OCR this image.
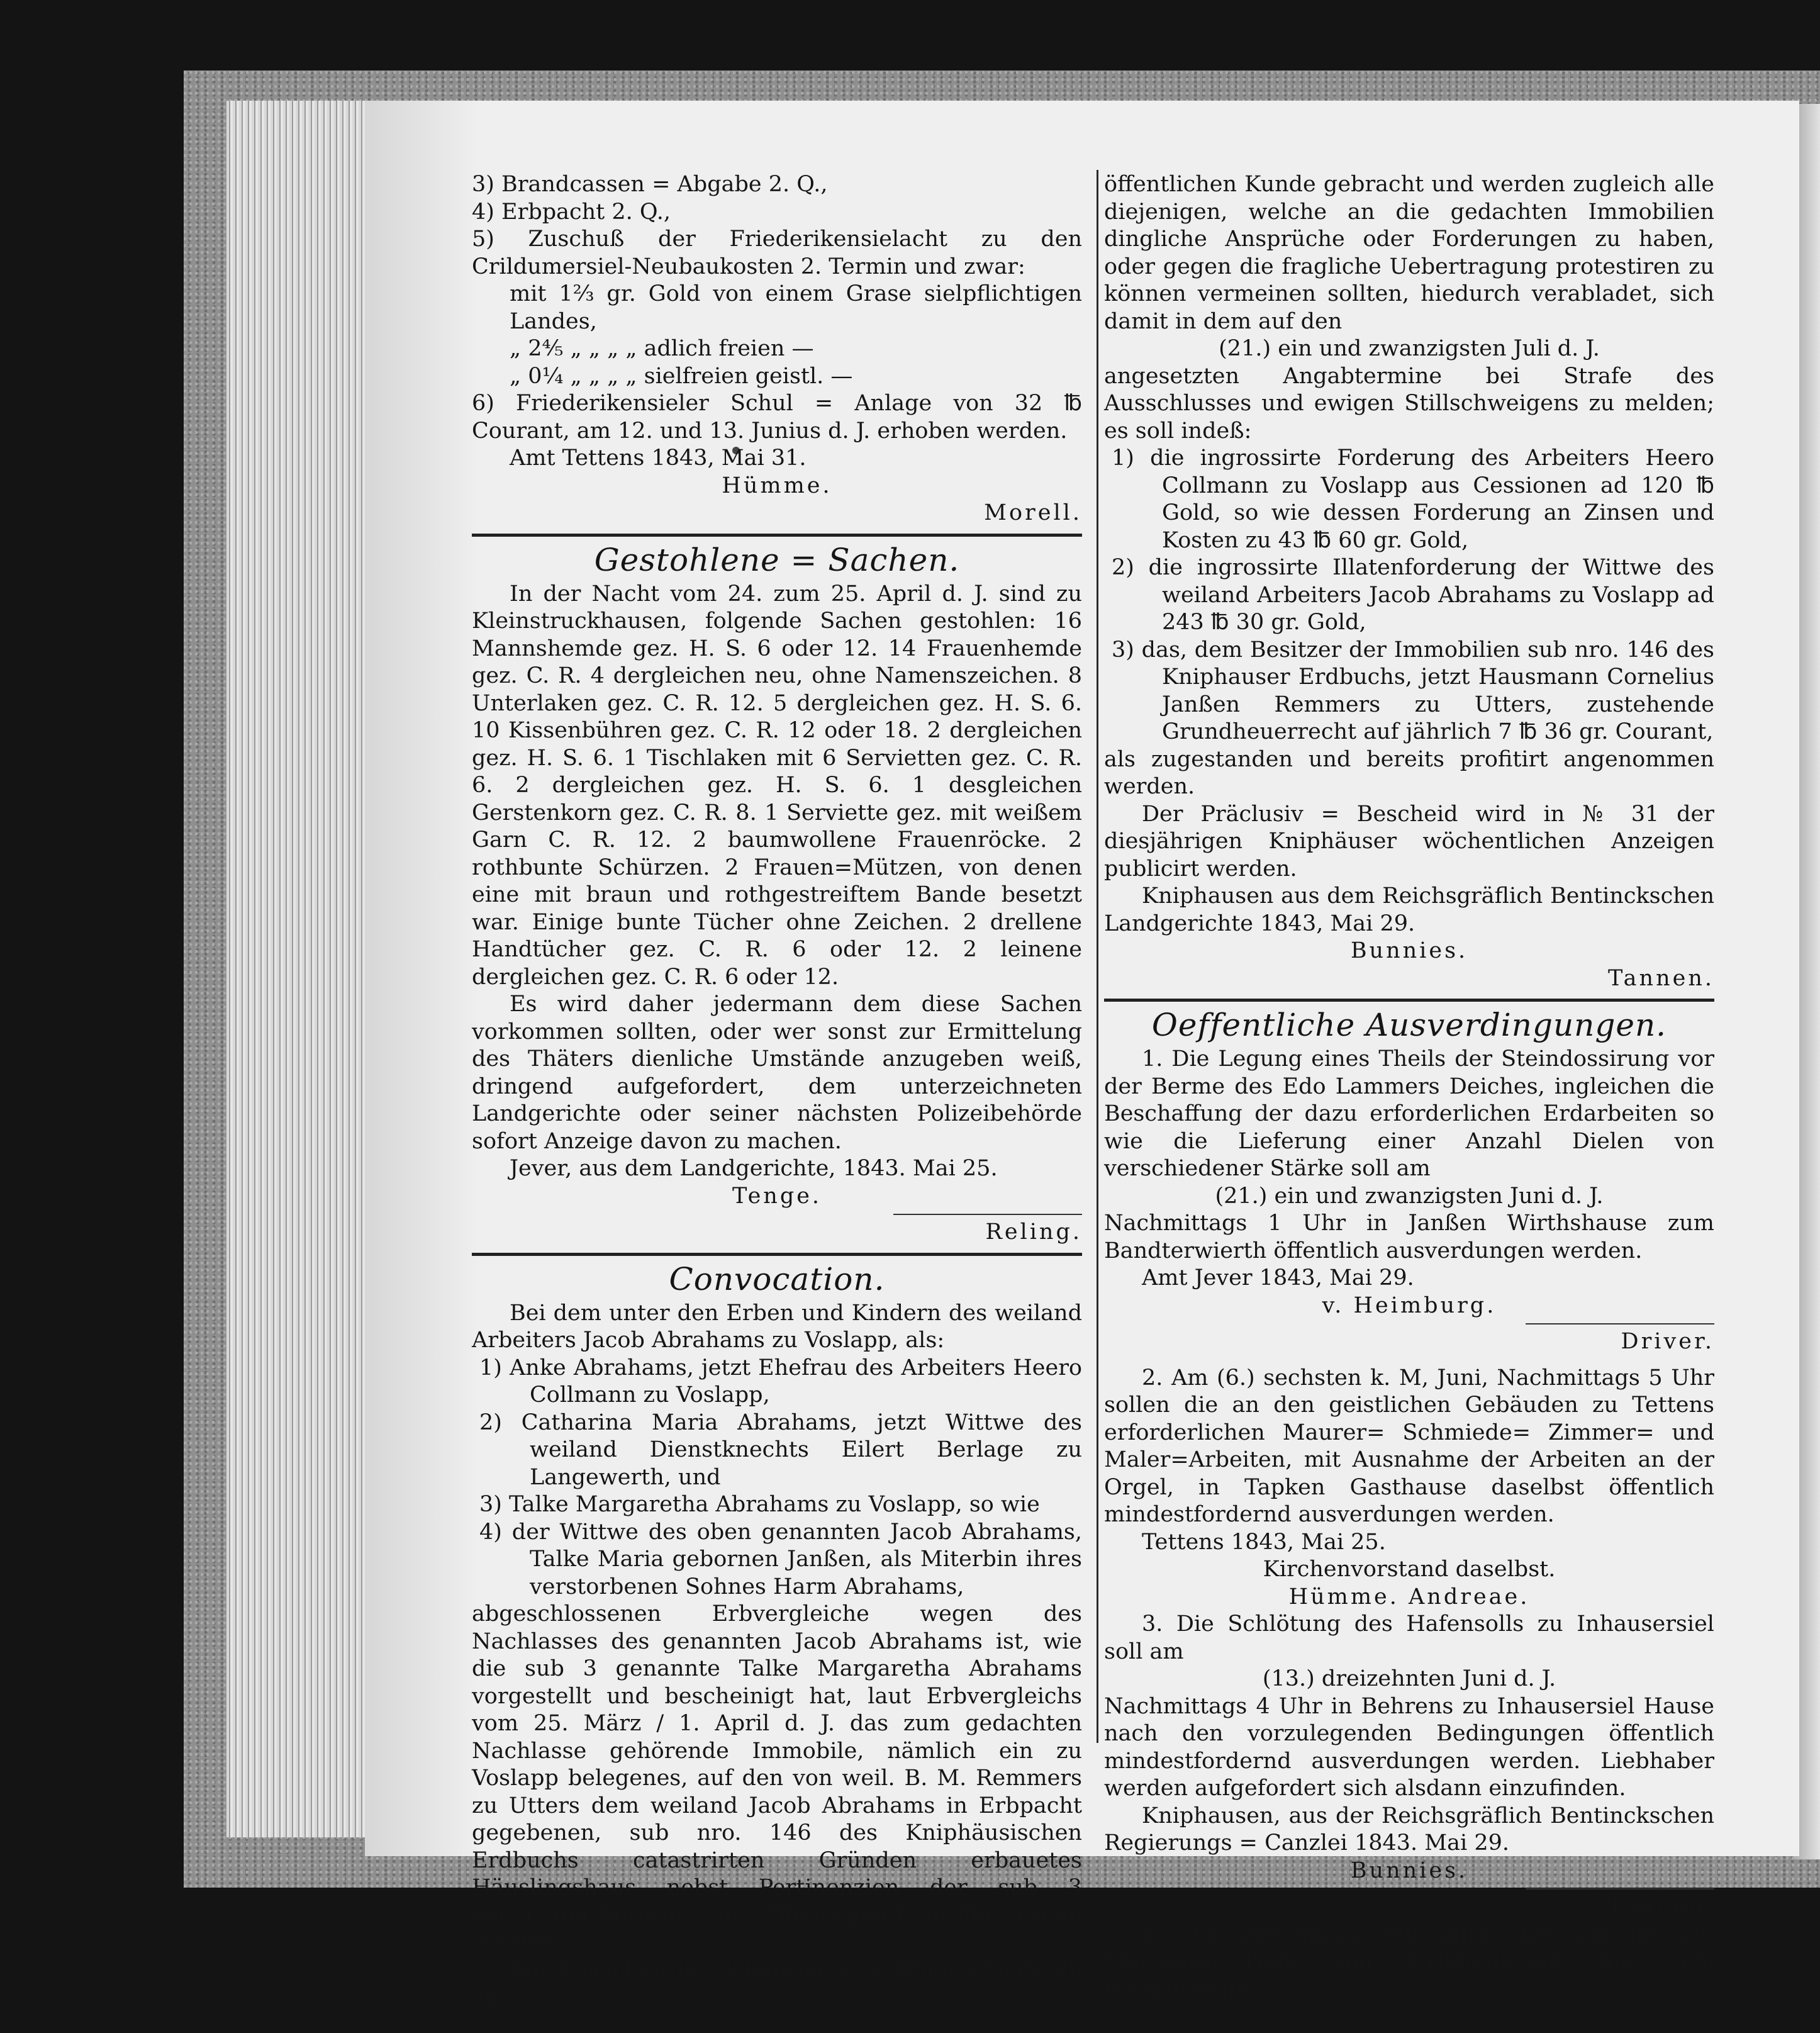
3) Brandcassen = Abgabe 2. Q.,

4) Erbpacht 2. Q.,

5) Zuschuß der Friederikensielacht zu den Crildumersiel-Neubaukosten 2. Termin und zwar:

mit 1⅔ gr. Gold von einem Grase sielpflichtigen Landes,

„ 2⅘ „ „ „ „ adlich freien —

„ 0¼ „ „ „ „ sielfreien geistl. —

6) Friederikensieler Schul = Anlage von 32 ℔ Courant, am 12. und 13. Junius d. J. erhoben werden.

Amt Tettens 1843, Mai 31.

Hümme.

Morell.

Gestohlene = Sachen.

In der Nacht vom 24. zum 25. April d. J. sind zu Kleinstruckhausen, folgende Sachen gestohlen: 16 Mannshemde gez. H. S. 6 oder 12. 14 Frauenhemde gez. C. R. 4 dergleichen neu, ohne Namenszeichen. 8 Unterlaken gez. C. R. 12. 5 dergleichen gez. H. S. 6. 10 Kissenbühren gez. C. R. 12 oder 18. 2 dergleichen gez. H. S. 6. 1 Tischlaken mit 6 Servietten gez. C. R. 6. 2 dergleichen gez. H. S. 6. 1 desgleichen Gerstenkorn gez. C. R. 8. 1 Serviette gez. mit weißem Garn C. R. 12. 2 baumwollene Frauenröcke. 2 rothbunte Schürzen. 2 Frauen=Mützen, von denen eine mit braun und rothgestreiftem Bande besetzt war. Einige bunte Tücher ohne Zeichen. 2 drellene Handtücher gez. C. R. 6 oder 12. 2 leinene dergleichen gez. C. R. 6 oder 12.

Es wird daher jedermann dem diese Sachen vorkommen sollten, oder wer sonst zur Ermittelung des Thäters dienliche Umstände anzugeben weiß, dringend aufgefordert, dem unterzeichneten Landgerichte oder seiner nächsten Polizeibehörde sofort Anzeige davon zu machen.

Jever, aus dem Landgerichte, 1843. Mai 25.

Tenge.

Reling.

Convocation.

Bei dem unter den Erben und Kindern des weiland Arbeiters Jacob Abrahams zu Voslapp, als:

1) Anke Abrahams, jetzt Ehefrau des Arbeiters Heero Collmann zu Voslapp,

2) Catharina Maria Abrahams, jetzt Wittwe des weiland Dienstknechts Eilert Berlage zu Langewerth, und

3) Talke Margaretha Abrahams zu Voslapp, so wie

4) der Wittwe des oben genannten Jacob Abrahams, Talke Maria gebornen Janßen, als Miterbin ihres verstorbenen Sohnes Harm Abrahams,

abgeschlossenen Erbvergleiche wegen des Nachlasses des genannten Jacob Abrahams ist, wie die sub 3 genannte Talke Margaretha Abrahams vorgestellt und bescheinigt hat, laut Erbvergleichs vom 25. März / 1. April d. J. das zum gedachten Nachlasse gehörende Immobile, nämlich ein zu Voslapp belegenes, auf den von weil. B. M. Remmers zu Utters dem weiland Jacob Abrahams in Erbpacht gegebenen, sub nro. 146 des Kniphäusischen Erdbuchs catastrirten Gründen erbauetes Häuslingshaus nebst Pertinenzien der sub 3 gedachten Miterbin zum Alleineigenthum übertragen worden.

Auf Ansuchen der letzteren wird Obiges hiedurch zur

öffentlichen Kunde gebracht und werden zugleich alle diejenigen, welche an die gedachten Immobilien dingliche Ansprüche oder Forderungen zu haben, oder gegen die fragliche Uebertragung protestiren zu können vermeinen sollten, hiedurch verabladet, sich damit in dem auf den

(21.) ein und zwanzigsten Juli d. J.

angesetzten Angabtermine bei Strafe des Ausschlusses und ewigen Stillschweigens zu melden; es soll indeß:

1) die ingrossirte Forderung des Arbeiters Heero Collmann zu Voslapp aus Cessionen ad 120 ℔ Gold, so wie dessen Forderung an Zinsen und Kosten zu 43 ℔ 60 gr. Gold,

2) die ingrossirte Illatenforderung der Wittwe des weiland Arbeiters Jacob Abrahams zu Voslapp ad 243 ℔ 30 gr. Gold,

3) das, dem Besitzer der Immobilien sub nro. 146 des Kniphauser Erdbuchs, jetzt Hausmann Cornelius Janßen Remmers zu Utters, zustehende Grundheuerrecht auf jährlich 7 ℔ 36 gr. Courant,

als zugestanden und bereits profitirt angenommen werden.

Der Präclusiv = Bescheid wird in № 31 der diesjährigen Kniphäuser wöchentlichen Anzeigen publicirt werden.

Kniphausen aus dem Reichsgräflich Bentinckschen Landgerichte 1843, Mai 29.

Bunnies.

Tannen.

Oeffentliche Ausverdingungen.

1. Die Legung eines Theils der Steindossirung vor der Berme des Edo Lammers Deiches, ingleichen die Beschaffung der dazu erforderlichen Erdarbeiten so wie die Lieferung einer Anzahl Dielen von verschiedener Stärke soll am

(21.) ein und zwanzigsten Juni d. J.

Nachmittags 1 Uhr in Janßen Wirthshause zum Bandterwierth öffentlich ausverdungen werden.

Amt Jever 1843, Mai 29.

v. Heimburg.

Driver.

2. Am (6.) sechsten k. M, Juni, Nachmittags 5 Uhr sollen die an den geistlichen Gebäuden zu Tettens erforderlichen Maurer= Schmiede= Zimmer= und Maler=Arbeiten, mit Ausnahme der Arbeiten an der Orgel, in Tapken Gasthause daselbst öffentlich mindestfordernd ausverdungen werden.

Tettens 1843, Mai 25.

Kirchenvorstand daselbst.

Hümme. Andreae.

3. Die Schlötung des Hafensolls zu Inhausersiel soll am

(13.) dreizehnten Juni d. J.

Nachmittags 4 Uhr in Behrens zu Inhausersiel Hause nach den vorzulegenden Bedingungen öffentlich mindestfordernd ausverdungen werden. Liebhaber werden aufgefordert sich alsdann einzufinden.

Kniphausen, aus der Reichsgräflich Bentinckschen Regierungs = Canzlei 1843. Mai 29.

Bunnies.

Tannen.

4. Die zweimalige Reinigung des sogenannten Maihauser=Tiefs von Crildumersiel bis zum Wangerwege,
